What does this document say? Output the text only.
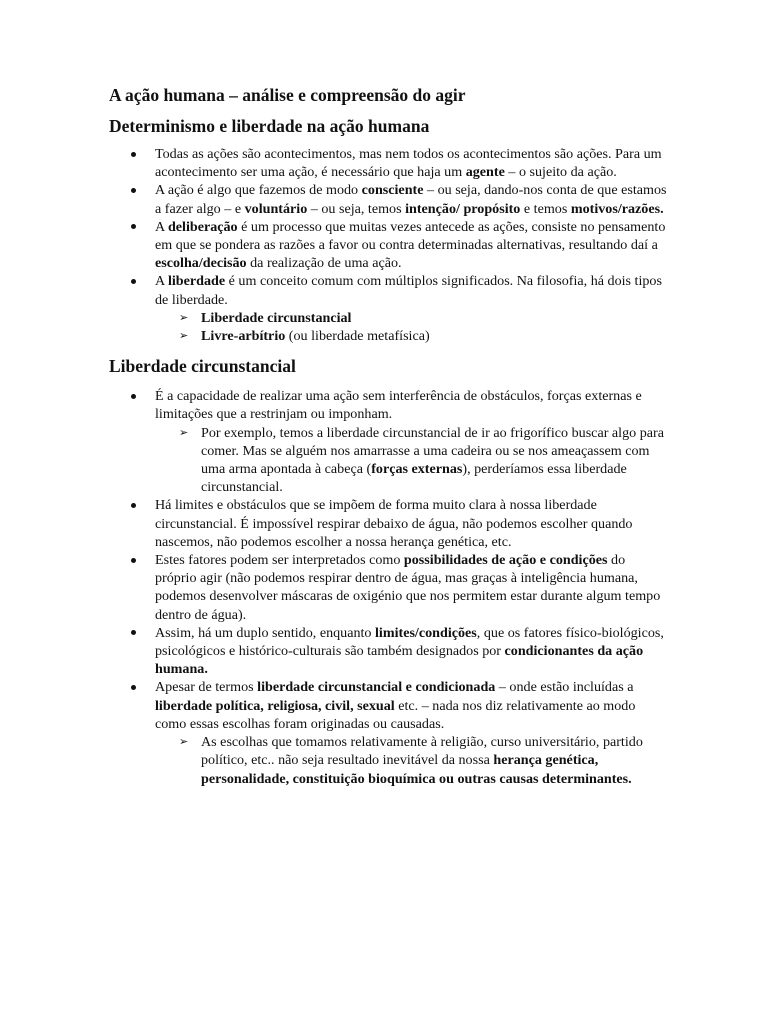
A ação humana – análise e compreensão do agir
Determinismo e liberdade na ação humana
Todas as ações são acontecimentos, mas nem todos os acontecimentos são ações. Para um acontecimento ser uma ação, é necessário que haja um agente – o sujeito da ação.
A ação é algo que fazemos de modo consciente – ou seja, dando-nos conta de que estamos a fazer algo – e voluntário – ou seja, temos intenção/ propósito e temos motivos/razões.
A deliberação é um processo que muitas vezes antecede as ações, consiste no pensamento em que se pondera as razões a favor ou contra determinadas alternativas, resultando daí a escolha/decisão da realização de uma ação.
A liberdade é um conceito comum com múltiplos significados. Na filosofia, há dois tipos de liberdade.
➢ Liberdade circunstancial
➢ Livre-arbítrio (ou liberdade metafísica)
Liberdade circunstancial
É a capacidade de realizar uma ação sem interferência de obstáculos, forças externas e limitações que a restrinjam ou imponham.
➢ Por exemplo, temos a liberdade circunstancial de ir ao frigorífico buscar algo para comer. Mas se alguém nos amarrasse a uma cadeira ou se nos ameaçassem com uma arma apontada à cabeça (forças externas), perderíamos essa liberdade circunstancial.
Há limites e obstáculos que se impõem de forma muito clara à nossa liberdade circunstancial. É impossível respirar debaixo de água, não podemos escolher quando nascemos, não podemos escolher a nossa herança genética, etc.
Estes fatores podem ser interpretados como possibilidades de ação e condições do próprio agir (não podemos respirar dentro de água, mas graças à inteligência humana, podemos desenvolver máscaras de oxigénio que nos permitem estar durante algum tempo dentro de água).
Assim, há um duplo sentido, enquanto limites/condições, que os fatores físico-biológicos, psicológicos e histórico-culturais são também designados por condicionantes da ação humana.
Apesar de termos liberdade circunstancial e condicionada – onde estão incluídas a liberdade política, religiosa, civil, sexual etc. – nada nos diz relativamente ao modo como essas escolhas foram originadas ou causadas.
➢ As escolhas que tomamos relativamente à religião, curso universitário, partido político, etc.. não seja resultado inevitável da nossa herança genética, personalidade, constituição bioquímica ou outras causas determinantes.
